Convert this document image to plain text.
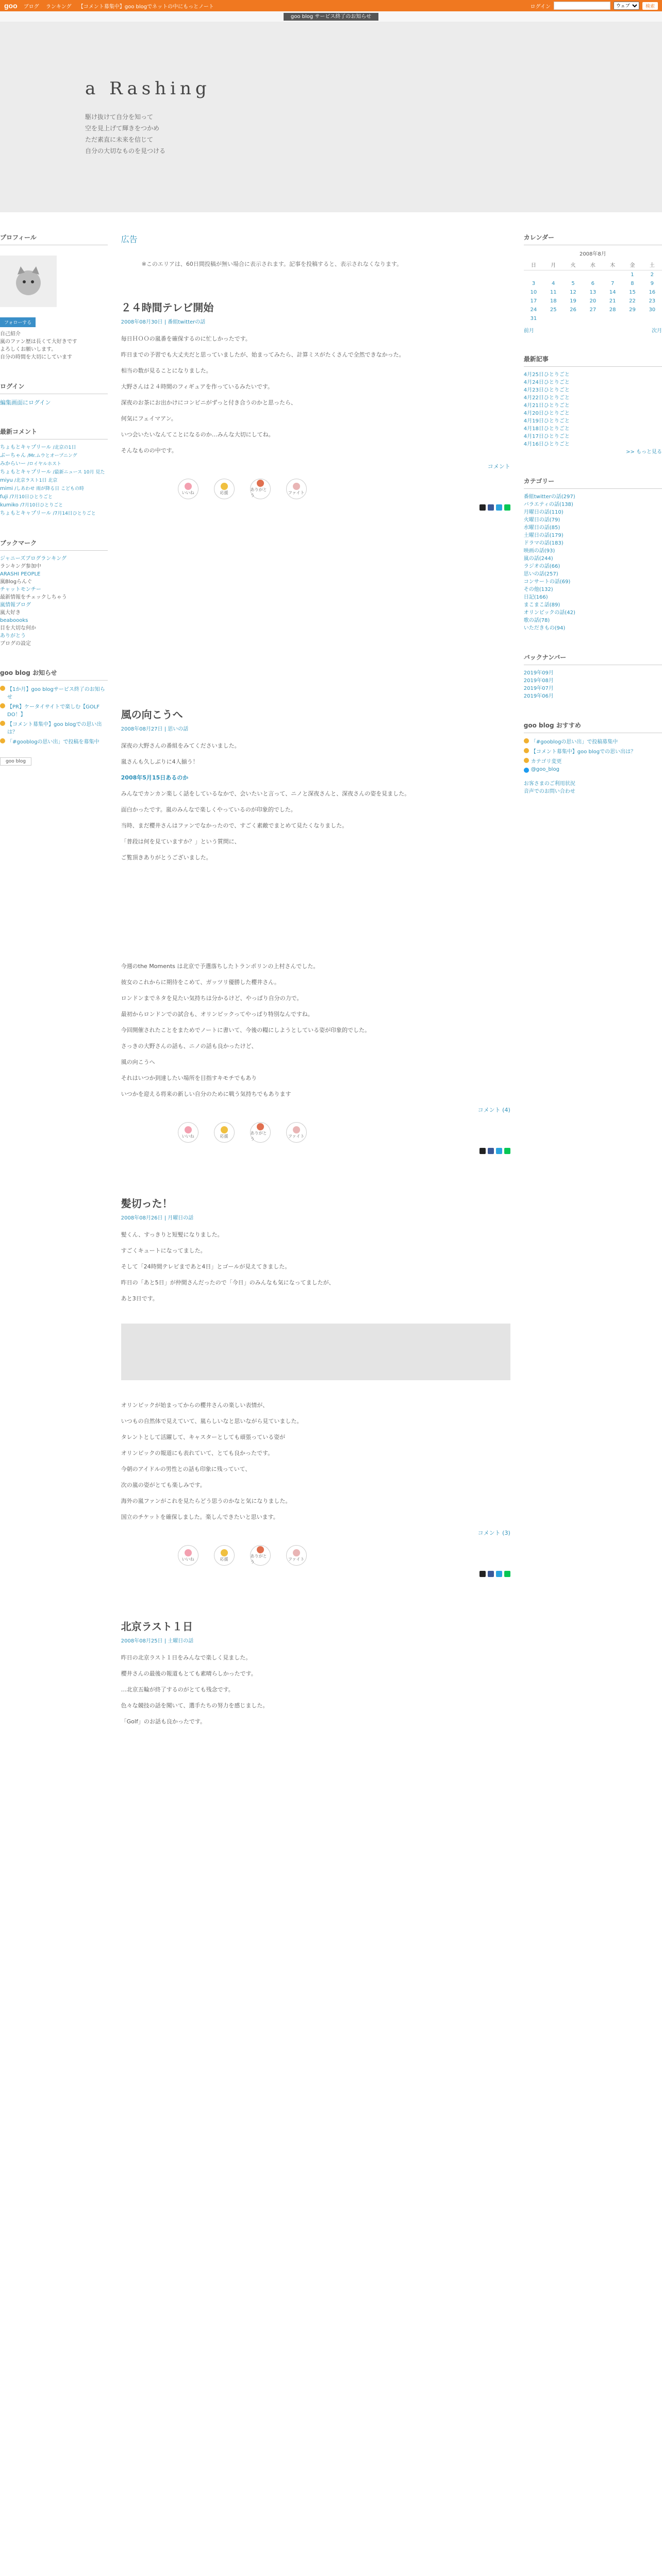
goo ブログ ランキング 【コメント募集中】goo blogでネットの中にもっとノート	ログイン
ウェブ	検索
goo blog サービス終了のお知らせ
a Rashing
駆け抜けて自分を知って
空を見上げて輝きをつかめ
ただ素直に未来を信じて
自分の大切なものを見つける
プロフィール
フォローする
自己紹介
嵐のファン歴は長くて大好きです
よろしくお願いします。
自分の時間を大切にしています
ログイン
編集画面にログイン
最新コメント
ちょもとキャプリール /北京の1日
ぶーちゃん /Mr.ムウとオープニング
みからいー /ロイヤルホスト
ちょもとキャプリール /最新ニュース 10月 見た
miyu /北京ラスト1日 北京
mimi /しあわせ 雨が降る日 こどもの時
fuji /7月10日ひとりごと
kumiko /7月10日ひとりごと
ちょもとキャプリール /7月14日ひとりごと
ブックマーク
ジャニーズブログランキング
ランキング参加中
ARASHI PEOPLE
嵐Blogらんぐ
チャットモンチー
最新情報をチェックしちゃう
嵐情報ブログ
嵐大好き
beaboooks
目を大切な何か
ありがとう
ブログの設定
goo blog お知らせ
【1か月】goo blogサービス終了のお知らせ
【PR】ケータイサイトで楽しむ【GOLF DO！】
【コメント募集中】goo blogでの思い出は？
「#gooblogの思い出」で投稿を募集中
goo blog
広告
※このエリアは、60日間投稿が無い場合に表示されます。記事を投稿すると、表示されなくなります。
２４時間テレビ開始
2008年08月30日 | 番組twitterの話

毎日ＨＯＯの嵐番を確保するのに忙しかったです。

昨日までの予習でも大丈夫だと思っていましたが、始まってみたら、計算ミスがたくさんで全然できなかった。

相当の数が見ることになりました。

大野さんは２４時間のフィギュアを作っているみたいです。

深夜のお茶にお出かけにコンビニがずっと付き合うのかと思ったら、

何気にフェイマアン。

いつ会いたいなんてことになるのか…みんな大切にしてね。

そんなものの中です。

コメント
いいね	応援
ありがとう
ファイト
風の向こうへ
2008年08月27日 | 思いの話

深夜の大野さんの番組をみてくださいました。

嵐さんも久しぶりに4人揃う！

2008年5月15日あるのか

みんなでカンカン楽しく話をしているなかで、会いたいと言って、ニノと深夜さんと、深夜さんの姿を見ました。

面白かったです。嵐のみんなで楽しくやっているのが印象的でした。

当時、まだ櫻井さんはファンでなかったので、すごく素敵でまとめて見たくなりました。

「普段は何を見ていますか？」という質問に、

ご覧頂きありがとうございました。

今週のthe Moments は北京で予選落ちしたトランポリンの上村さんでした。

彼女のこれからに期待をこめて、ガッツリ優勝した櫻井さん。

ロンドンまでネタを見たい気持ちは分かるけど、やっぱり自分の力で。

最初からロンドンでの試合も、オリンピックってやっぱり特別なんですね。

今回開催されたことをまためでノートに書いて、今後の糧にしようとしている姿が印象的でした。

さっきの大野さんの話も、ニノの話も良かったけど、

風の向こうへ

それはいつか到達したい場所を目指すキモチでもあり

いつかを迎える将来の新しい自分のために戦う気持ちでもあります

コメント (4)
いいね	応援
ありがとう
ファイト
髪切った！
2008年08月26日 | 月曜日の話

髪くん、すっきりと短髪になりました。

すごくキュートになってました。

そして「24時間テレビまであと4日」とゴールが見えてきました。

昨日の「あと5日」が仲間さんだったので「今日」のみんなも気になってましたが、

あと3日です。

オリンピックが始まってからの櫻井さんの楽しい表情が、

いつもの自然体で見えていて、嵐らしいなと思いながら見ていました。

タレントとして活躍して、キャスターとしても頑張っている姿が

オリンピックの報道にも表れていて、とても良かったです。

今朝のアイドルの男性との話も印象に残っていて、

次の嵐の姿がとても楽しみです。

海外の嵐ファンがこれを見たらどう思うのかなと気になりました。

国立のチケットを確保しました。楽しんできたいと思います。

コメント (3)
いいね	応援
ありがとう
ファイト
北京ラスト１日
2008年08月25日 | 土曜日の話

昨日の北京ラスト１日をみんなで楽しく見ました。

櫻井さんの最後の報道もとても素晴らしかったです。

…北京五輪が終了するのがとても残念です。

色々な競技の話を聞いて、選手たちの努力を感じました。

「Golf」のお話も良かったです。

カレンダー
2008年8月
日	月	火	水	木	金	土
					1	2
3	4	5	6	7	8	9
10	11	12	13	14	15	16
17	18	19	20	21	22	23
24	25	26	27	28	29	30
31						
前月	次月
最新記事
4月25日ひとりごと
4月24日ひとりごと
4月23日ひとりごと
4月22日ひとりごと
4月21日ひとりごと
4月20日ひとりごと
4月19日ひとりごと
4月18日ひとりごと
4月17日ひとりごと
4月16日ひとりごと
>> もっと見る
カテゴリー
番組twitterの話(297)
バラエティの話(138)
月曜日の話(110)
火曜日の話(79)
水曜日の話(85)
土曜日の話(179)
ドラマの話(183)
映画の話(93)
嵐の話(244)
ラジオの話(66)
思いの話(257)
コンサートの話(69)
その他(132)
日記(166)
まこまこ話(89)
オリンピックの話(42)
歌の話(78)
いただきもの(94)
バックナンバー
2019年09月
2019年08月
2019年07月
2019年06月
goo blog おすすめ
「#gooblogの思い出」で投稿募集中
【コメント募集中】goo blogでの思い出は？
カテゴリ変更
@goo_blog
お客さまのご利用状況
音声でのお問い合わせ
